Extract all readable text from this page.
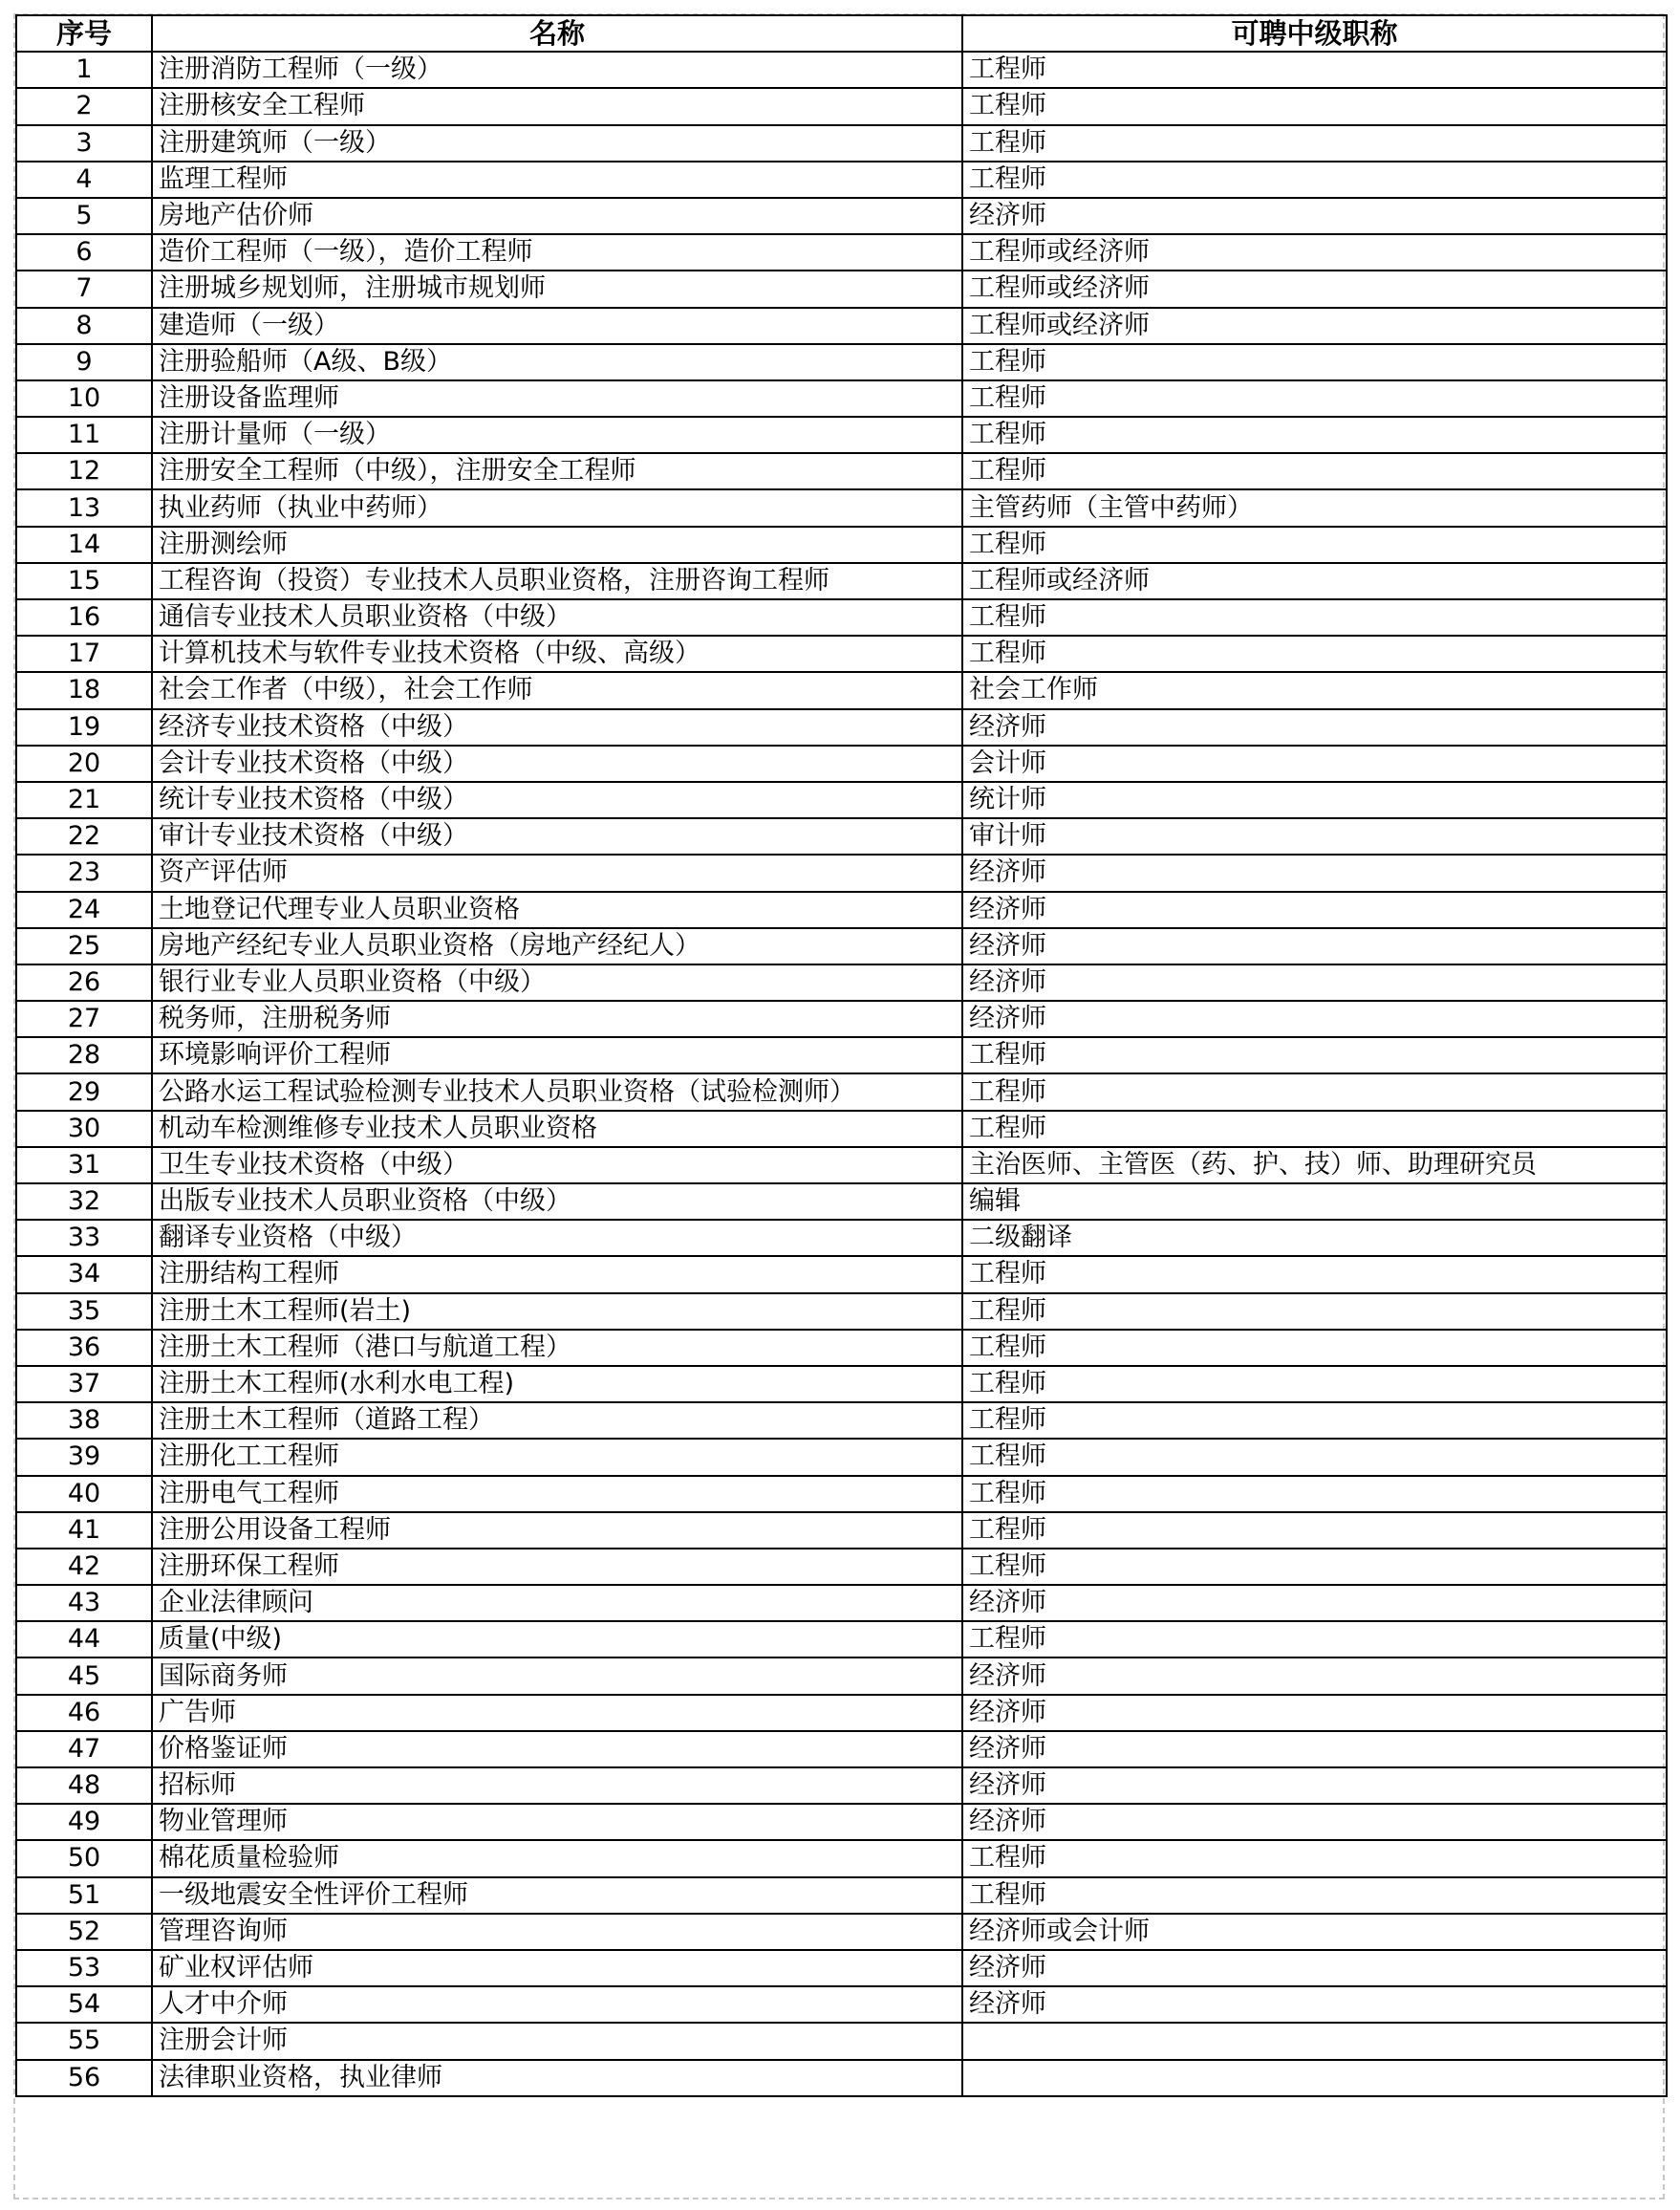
序号	名称	可聘中级职称
1	注册消防工程师（一级）	工程师
2	注册核安全工程师	工程师
3	注册建筑师（一级）	工程师
4	监理工程师	工程师
5	房地产估价师	经济师
6	造价工程师（一级），造价工程师	工程师或经济师
7	注册城乡规划师，注册城市规划师	工程师或经济师
8	建造师（一级）	工程师或经济师
9	注册验船师（A级、B级）	工程师
10	注册设备监理师	工程师
11	注册计量师（一级）	工程师
12	注册安全工程师（中级），注册安全工程师	工程师
13	执业药师（执业中药师）	主管药师（主管中药师）
14	注册测绘师	工程师
15	工程咨询（投资）专业技术人员职业资格，注册咨询工程师	工程师或经济师
16	通信专业技术人员职业资格（中级）	工程师
17	计算机技术与软件专业技术资格（中级、高级）	工程师
18	社会工作者（中级），社会工作师	社会工作师
19	经济专业技术资格（中级）	经济师
20	会计专业技术资格（中级）	会计师
21	统计专业技术资格（中级）	统计师
22	审计专业技术资格（中级）	审计师
23	资产评估师	经济师
24	土地登记代理专业人员职业资格	经济师
25	房地产经纪专业人员职业资格（房地产经纪人）	经济师
26	银行业专业人员职业资格（中级）	经济师
27	税务师，注册税务师	经济师
28	环境影响评价工程师	工程师
29	公路水运工程试验检测专业技术人员职业资格（试验检测师）	工程师
30	机动车检测维修专业技术人员职业资格	工程师
31	卫生专业技术资格（中级）	主治医师、主管医（药、护、技）师、助理研究员
32	出版专业技术人员职业资格（中级）	编辑
33	翻译专业资格（中级）	二级翻译
34	注册结构工程师	工程师
35	注册土木工程师(岩土)	工程师
36	注册土木工程师（港口与航道工程）	工程师
37	注册土木工程师(水利水电工程)	工程师
38	注册土木工程师（道路工程）	工程师
39	注册化工工程师	工程师
40	注册电气工程师	工程师
41	注册公用设备工程师	工程师
42	注册环保工程师	工程师
43	企业法律顾问	经济师
44	质量(中级)	工程师
45	国际商务师	经济师
46	广告师	经济师
47	价格鉴证师	经济师
48	招标师	经济师
49	物业管理师	经济师
50	棉花质量检验师	工程师
51	一级地震安全性评价工程师	工程师
52	管理咨询师	经济师或会计师
53	矿业权评估师	经济师
54	人才中介师	经济师
55	注册会计师	
56	法律职业资格，执业律师	
